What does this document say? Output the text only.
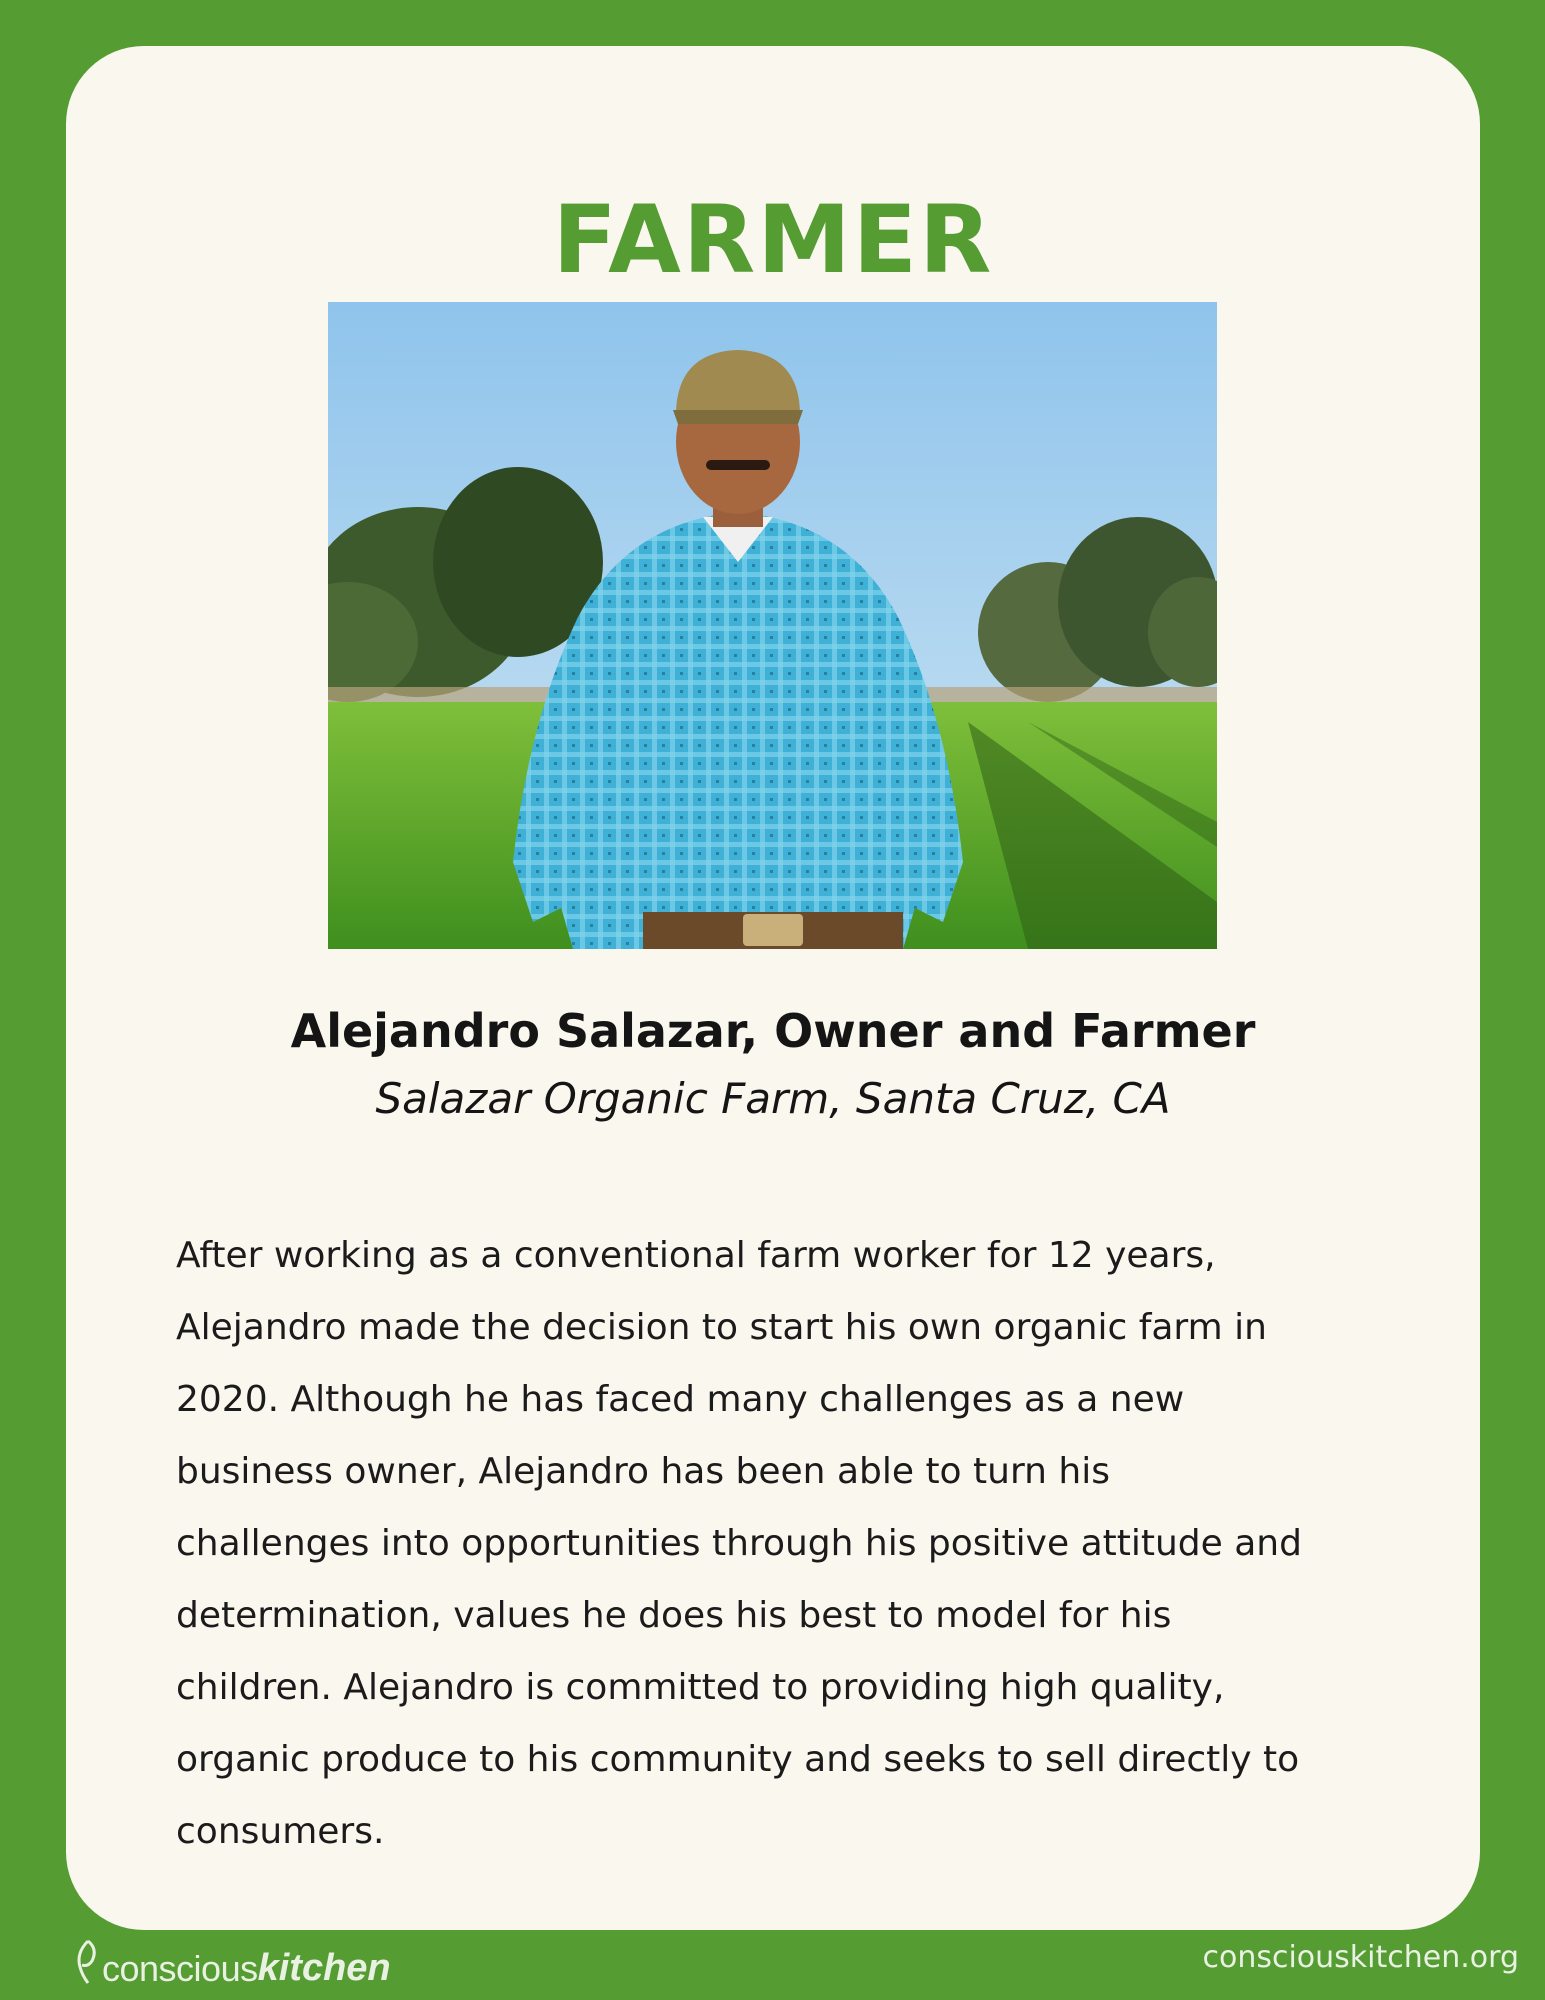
FARMER
Alejandro Salazar, Owner and Farmer
Salazar Organic Farm, Santa Cruz, CA

After working as a conventional farm worker for 12 years,
Alejandro made the decision to start his own organic farm in
2020. Although he has faced many challenges as a new
business owner, Alejandro has been able to turn his
challenges into opportunities through his positive attitude and
determination, values he does his best to model for his
children. Alejandro is committed to providing high quality,
organic produce to his community and seeks to sell directly to
consumers.

conscious kitchen	consciouskitchen.org
